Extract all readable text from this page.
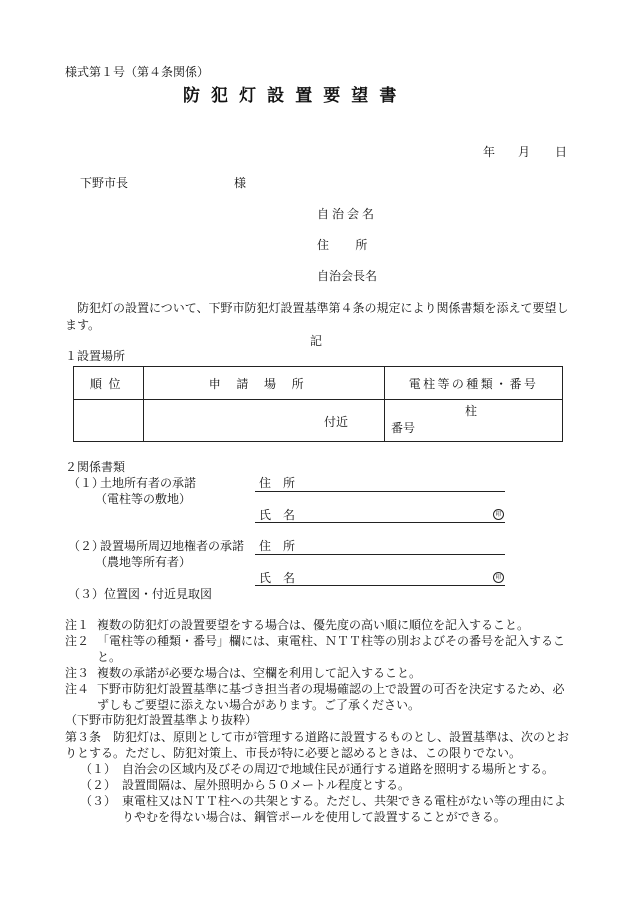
様式第１号（第４条関係）
防犯灯設置要望書
年 月 日
下野市長	様
自治会名
住所
自治会長名
防犯灯の設置について、下野市防犯灯設置基準第４条の規定により関係書類を添えて要望します。
記
１設置場所
順位	申請場所	電柱等の種類・番号

	付近	柱
番号
２関係書類
（１）
土地所有者の承諾
（電柱等の敷地）
住　所
氏　名	印
（２）
設置場所周辺地権者の承諾
（農地等所有者）
住　所
氏　名	印
（３）位置図・付近見取図
注１ 複数の防犯灯の設置要望をする場合は、優先度の高い順に順位を記入すること。
注２ 「電柱等の種類・番号」欄には、東電柱、ＮＴＴ柱等の別およびその番号を記入すること。
注３ 複数の承諾が必要な場合は、空欄を利用して記入すること。
注４ 下野市防犯灯設置基準に基づき担当者の現場確認の上で設置の可否を決定するため、必ずしもご要望に添えない場合があります。ご了承ください。
（下野市防犯灯設置基準より抜粋）
第３条 防犯灯は、原則として市が管理する道路に設置するものとし、設置基準は、次のとおりとする。ただし、防犯対策上、市長が特に必要と認めるときは、この限りでない。
（１） 自治会の区域内及びその周辺で地域住民が通行する道路を照明する場所とする。
（２） 設置間隔は、屋外照明から５０メートル程度とする。
（３） 東電柱又はＮＴＴ柱への共架とする。ただし、共架できる電柱がない等の理由によりやむを得ない場合は、鋼管ポールを使用して設置することができる。
